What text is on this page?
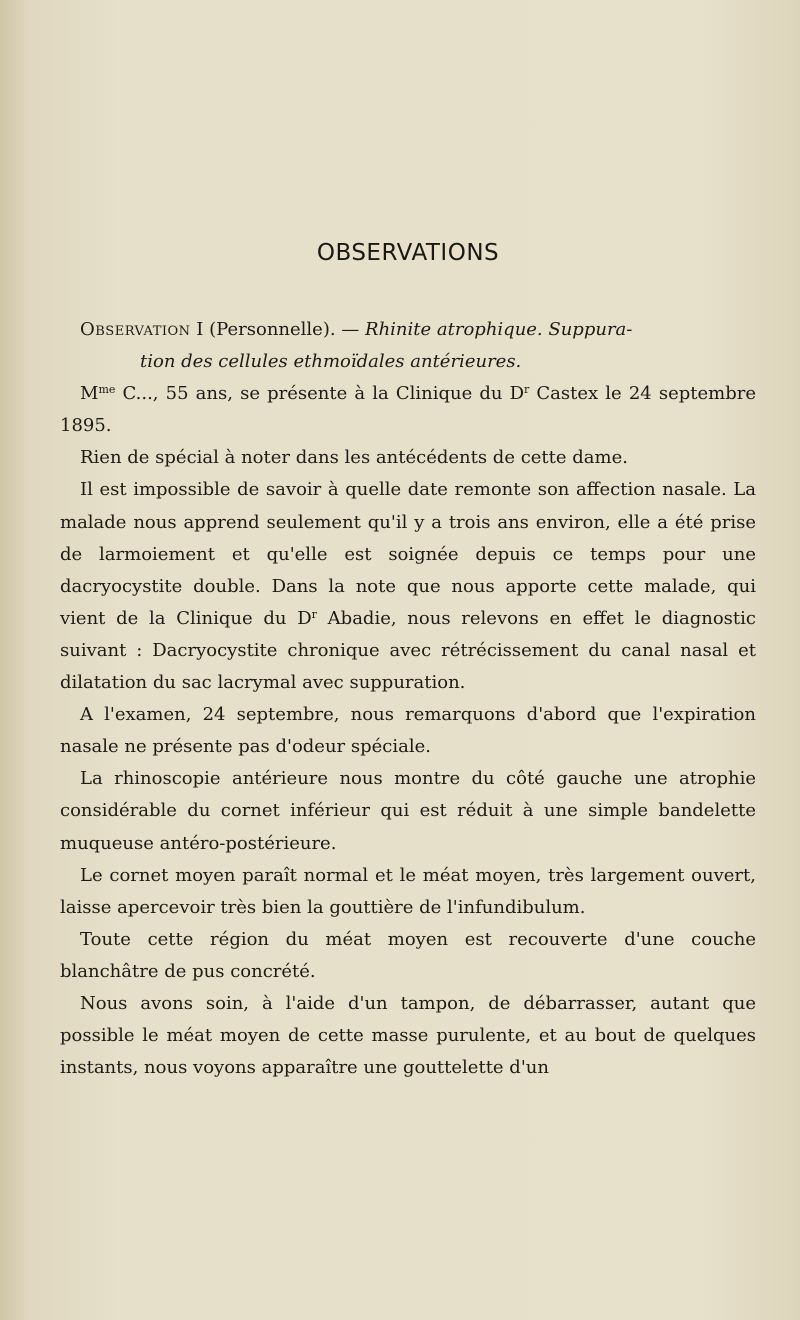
OBSERVATIONS

Observation I (Personnelle). — Rhinite atrophique. Suppura-
tion des cellules ethmoïdales antérieures.

$M^{me}$ C..., 55 ans, se présente à la Clinique du $D^r$ Castex le 24 septembre 1895.

Rien de spécial à noter dans les antécédents de cette dame.

Il est impossible de savoir à quelle date remonte son affection nasale. La malade nous apprend seulement qu'il y a trois ans environ, elle a été prise de larmoiement et qu'elle est soignée depuis ce temps pour une dacryocystite double. Dans la note que nous apporte cette malade, qui vient de la Clinique du $D^r$ Abadie, nous relevons en effet le diagnostic suivant : Dacryocystite chronique avec rétrécissement du canal nasal et dilatation du sac lacrymal avec suppuration.

A l'examen, 24 septembre, nous remarquons d'abord que l'expiration nasale ne présente pas d'odeur spéciale.

La rhinoscopie antérieure nous montre du côté gauche une atrophie considérable du cornet inférieur qui est réduit à une simple bandelette muqueuse antéro-postérieure.

Le cornet moyen paraît normal et le méat moyen, très largement ouvert, laisse apercevoir très bien la gouttière de l'infundibulum.

Toute cette région du méat moyen est recouverte d'une couche blanchâtre de pus concrété.

Nous avons soin, à l'aide d'un tampon, de débarrasser, autant que possible le méat moyen de cette masse purulente, et au bout de quelques instants, nous voyons apparaître une gouttelette d'un
